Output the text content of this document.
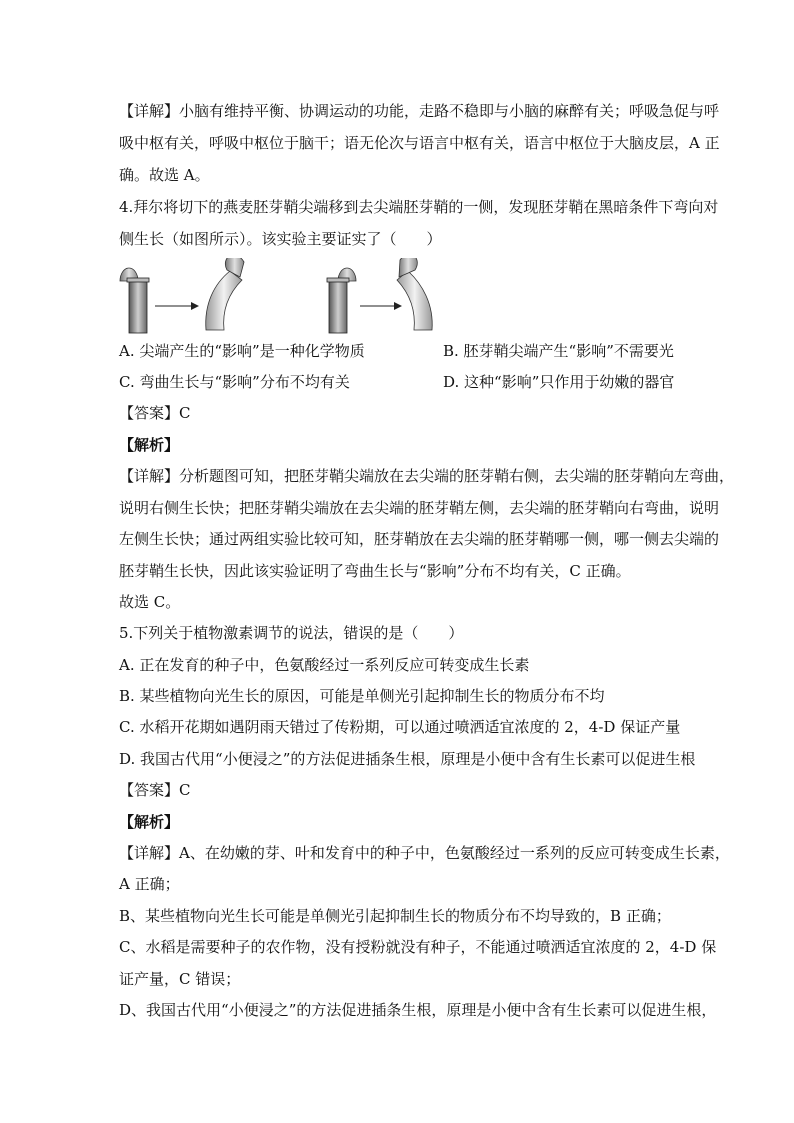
【详解】小脑有维持平衡、协调运动的功能，走路不稳即与小脑的麻醉有关；呼吸急促与呼
吸中枢有关，呼吸中枢位于脑干；语无伦次与语言中枢有关，语言中枢位于大脑皮层，A 正
确。故选 A。
4.拜尔将切下的燕麦胚芽鞘尖端移到去尖端胚芽鞘的一侧，发现胚芽鞘在黑暗条件下弯向对
侧生长（如图所示）。该实验主要证实了（　　）
A. 尖端产生的“影响”是一种化学物质	B. 胚芽鞘尖端产生“影响”不需要光
C. 弯曲生长与“影响”分布不均有关	D. 这种“影响”只作用于幼嫩的器官
【答案】C
【解析】
【详解】分析题图可知，把胚芽鞘尖端放在去尖端的胚芽鞘右侧，去尖端的胚芽鞘向左弯曲，
说明右侧生长快；把胚芽鞘尖端放在去尖端的胚芽鞘左侧，去尖端的胚芽鞘向右弯曲，说明
左侧生长快；通过两组实验比较可知，胚芽鞘放在去尖端的胚芽鞘哪一侧，哪一侧去尖端的
胚芽鞘生长快，因此该实验证明了弯曲生长与“影响”分布不均有关，C 正确。
故选 C。
5.下列关于植物激素调节的说法，错误的是（　　）
A. 正在发育的种子中，色氨酸经过一系列反应可转变成生长素
B. 某些植物向光生长的原因，可能是单侧光引起抑制生长的物质分布不均
C. 水稻开花期如遇阴雨天错过了传粉期，可以通过喷洒适宜浓度的 2，4-D 保证产量
D. 我国古代用“小便浸之”的方法促进插条生根，原理是小便中含有生长素可以促进生根
【答案】C
【解析】
【详解】A、在幼嫩的芽、叶和发育中的种子中，色氨酸经过一系列的反应可转变成生长素，
A 正确；
B、某些植物向光生长可能是单侧光引起抑制生长的物质分布不均导致的，B 正确；
C、水稻是需要种子的农作物，没有授粉就没有种子，不能通过喷洒适宜浓度的 2，4-D 保
证产量，C 错误；
D、我国古代用“小便浸之”的方法促进插条生根，原理是小便中含有生长素可以促进生根，
